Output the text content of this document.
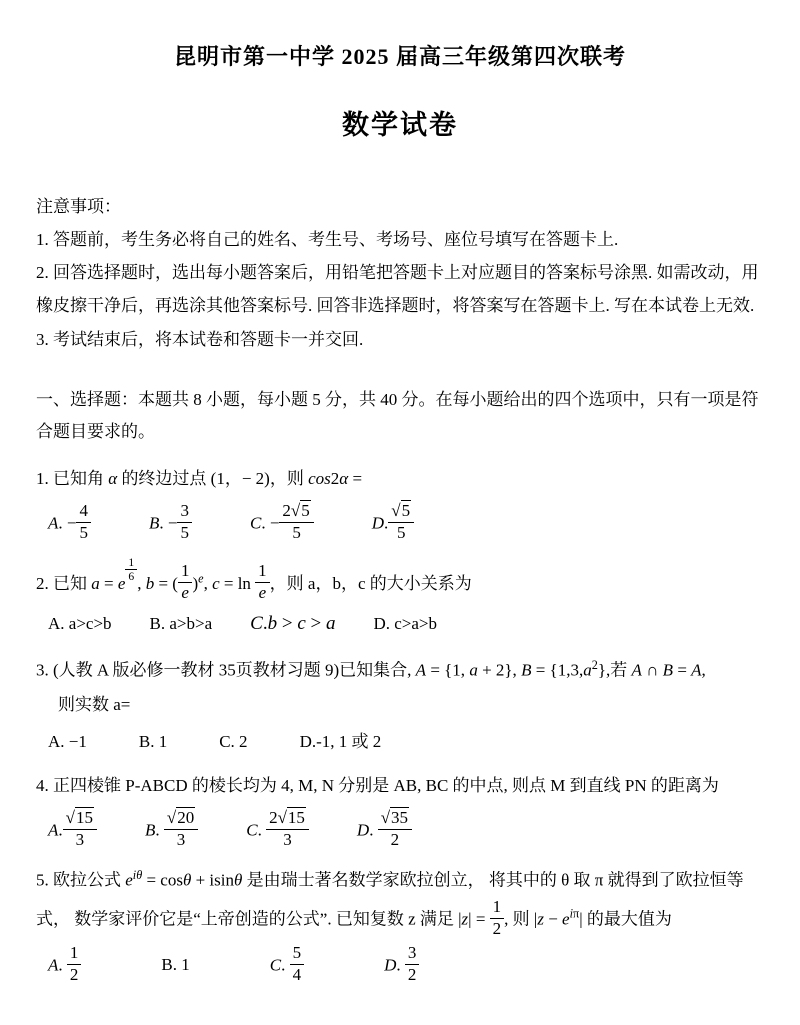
昆明市第一中学 2025 届高三年级第四次联考
数学试卷

注意事项：

1. 答题前，考生务必将自己的姓名、考生号、考场号、座位号填写在答题卡上.

2. 回答选择题时，选出每小题答案后，用铅笔把答题卡上对应题目的答案标号涂黑. 如需改动，用橡皮擦干净后，再选涂其他答案标号. 回答非选择题时，将答案写在答题卡上. 写在本试卷上无效.

3. 考试结束后，将本试卷和答题卡一并交回.

一、选择题：本题共 8 小题，每小题 5 分，共 40 分。在每小题给出的四个选项中，只有一项是符合题目要求的。

1. 已知角 α 的终边过点 (1，− 2)，则 cos2α =

A. − $\frac{4}{5}$	B. − $\frac{3}{5}$	C. − $\frac{2√5}{5}$	D. $\frac{√5}{5}$

2. 已知 a = e
$^{\frac{1}{6}}$
, b = ( $\frac{1}{e} )^e$, $c = \ln \frac{1}{e}$ ，则 a，b，c 的大小关系为

A. a>c>b B. a>b>a C.b > c > a D. c>a>b

3. (人教 A 版必修一教材 35页教材习题 9)已知集合, A = {1, a + 2}, $B = \{1,3,a^2\}$,若 A ∩ B = A,

则实数 a=

A. −1	B. 1	C. 2	D.-1, 1 或 2

4. 正四棱锥 P-ABCD 的棱长均为 4, M, N 分别是 AB, BC 的中点, 则点 M 到直线 PN 的距离为

A. $\frac{√15}{3}$	B. $\frac{√20}{3}$	C. $\frac{2√15}{3}$	D. $\frac{√35}{2}$

5. 欧拉公式 $e^{i\theta} = \cos\theta + isin\theta$ 是由瑞士著名数学家欧拉创立， 将其中的 θ 取 π 就得到了欧拉恒等式， 数学家评价它是“上帝创造的公式”. 已知复数 z 满足 $|z| = \frac{1}{2}$ , 则 $|z - e^{i\pi}|$ 的最大值为

A. $\frac{1}{2}$	B. 1	C. $\frac{5}{4}$	D. $\frac{3}{2}$
